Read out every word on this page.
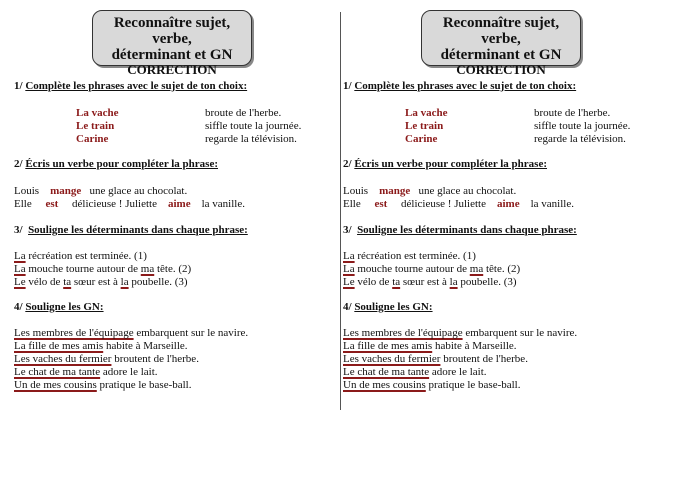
Reconnaître sujet, verbe,
déterminant et GN
CORRECTION
1/ Complète les phrases avec le sujet de ton choix:
La vache	broute de l'herbe.
Le train	siffle toute la journée.
Carine	regarde la télévision.
2/ Écris un verbe pour compléter la phrase:
Louis mange une glace au chocolat.
Elle est délicieuse ! Juliette aime la vanille.
3/ Souligne les déterminants dans chaque phrase:
La récréation est terminée. (1)
La mouche tourne autour de ma tête. (2)
Le vélo de ta sœur est à la poubelle. (3)
4/ Souligne les GN:
Les membres de l'équipage embarquent sur le navire.
La fille de mes amis habite à Marseille.
Les vaches du fermier broutent de l'herbe.
Le chat de ma tante adore le lait.
Un de mes cousins pratique le base-ball.
Reconnaître sujet, verbe,
déterminant et GN
CORRECTION
1/ Complète les phrases avec le sujet de ton choix:
La vache	broute de l'herbe.
Le train	siffle toute la journée.
Carine	regarde la télévision.
2/ Écris un verbe pour compléter la phrase:
Louis mange une glace au chocolat.
Elle est délicieuse ! Juliette aime la vanille.
3/ Souligne les déterminants dans chaque phrase:
La récréation est terminée. (1)
La mouche tourne autour de ma tête. (2)
Le vélo de ta sœur est à la poubelle. (3)
4/ Souligne les GN:
Les membres de l'équipage embarquent sur le navire.
La fille de mes amis habite à Marseille.
Les vaches du fermier broutent de l'herbe.
Le chat de ma tante adore le lait.
Un de mes cousins pratique le base-ball.
